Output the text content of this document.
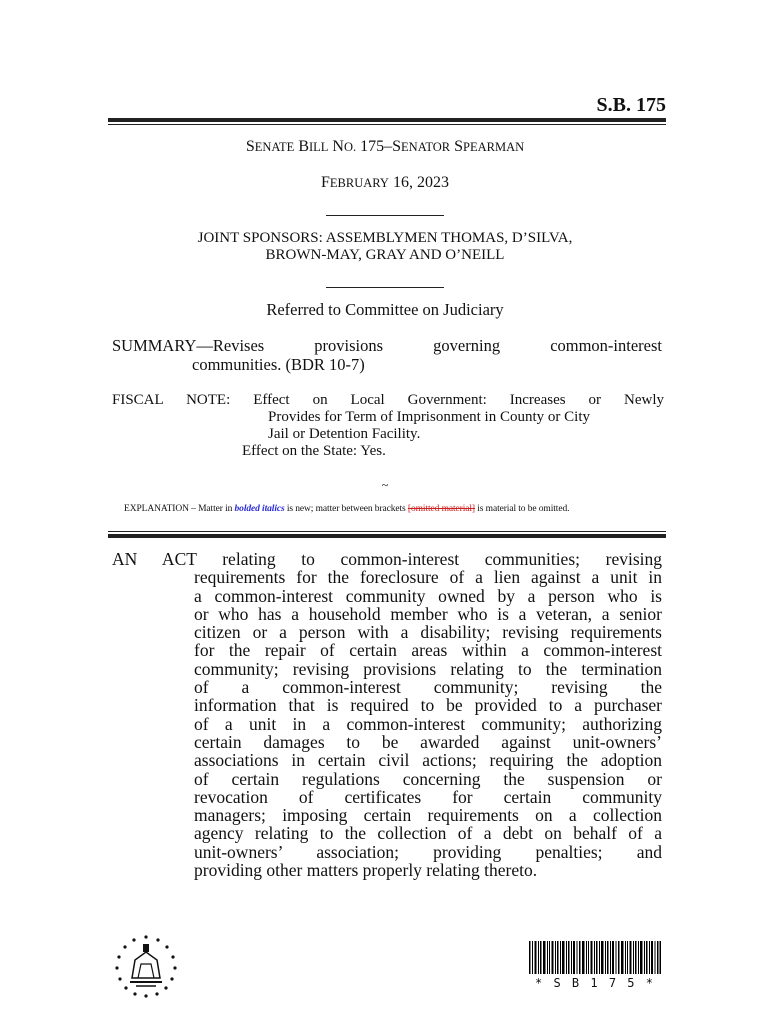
S.B. 175
SENATE BILL NO. 175–SENATOR SPEARMAN
FEBRUARY 16, 2023
JOINT SPONSORS: ASSEMBLYMEN THOMAS, D’SILVA,
BROWN-MAY, GRAY AND O’NEILL
Referred to Committee on Judiciary
SUMMARY—Revises provisions governing common-interest
communities. (BDR 10-7)
FISCAL NOTE: Effect on Local Government: Increases or Newly
Provides for Term of Imprisonment in County or City
Jail or Detention Facility.
Effect on the State: Yes.
~
EXPLANATION – Matter in bolded italics is new; matter between brackets [omitted material] is material to be omitted.
AN ACT relating to common-interest communities; revising
requirements for the foreclosure of a lien against a unit in
a common-interest community owned by a person who is
or who has a household member who is a veteran, a senior
citizen or a person with a disability; revising requirements
for the repair of certain areas within a common-interest
community; revising provisions relating to the termination
of a common-interest community; revising the
information that is required to be provided to a purchaser
of a unit in a common-interest community; authorizing
certain damages to be awarded against unit-owners’
associations in certain civil actions; requiring the adoption
of certain regulations concerning the suspension or
revocation of certificates for certain community
managers; imposing certain requirements on a collection
agency relating to the collection of a debt on behalf of a
unit-owners’ association; providing penalties; and
providing other matters properly relating thereto.
* S B 1 7 5 *
